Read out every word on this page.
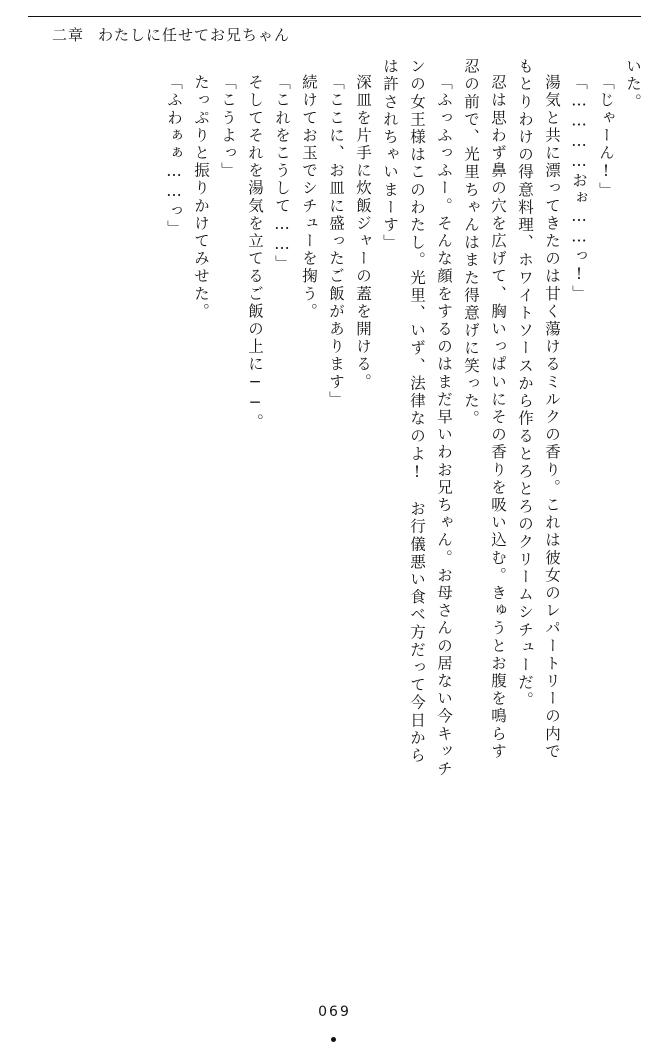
二章 わたしに任せてお兄ちゃん
いた。
「じゃーん!」
「…………おぉ……っ!」
湯気と共に漂ってきたのは甘く蕩けるミルクの香り。これは彼女のレパートリーの内で
もとりわけの得意料理、ホワイトソースから作るとろとろのクリームシチューだ。
忍は思わず鼻の穴を広げて、胸いっぱいにその香りを吸い込む。きゅうとお腹を鳴らす
忍の前で、光里ちゃんはまた得意げに笑った。
「ふっふっふー。そんな顔をするのはまだ早いわお兄ちゃん。お母さんの居ない今キッチ
ンの女王様はこのわたし。光里、いず、法律なのよ!　お行儀悪い食べ方だって今日から
は許されちゃいまーす」
深皿を片手に炊飯ジャーの蓋を開ける。
「ここに、お皿に盛ったご飯があります」
続けてお玉でシチューを掬う。
「これをこうして……」
そしてそれを湯気を立てるご飯の上に──。
「こうよっ」
たっぷりと振りかけてみせた。
「ふわぁぁ……っ」
069
